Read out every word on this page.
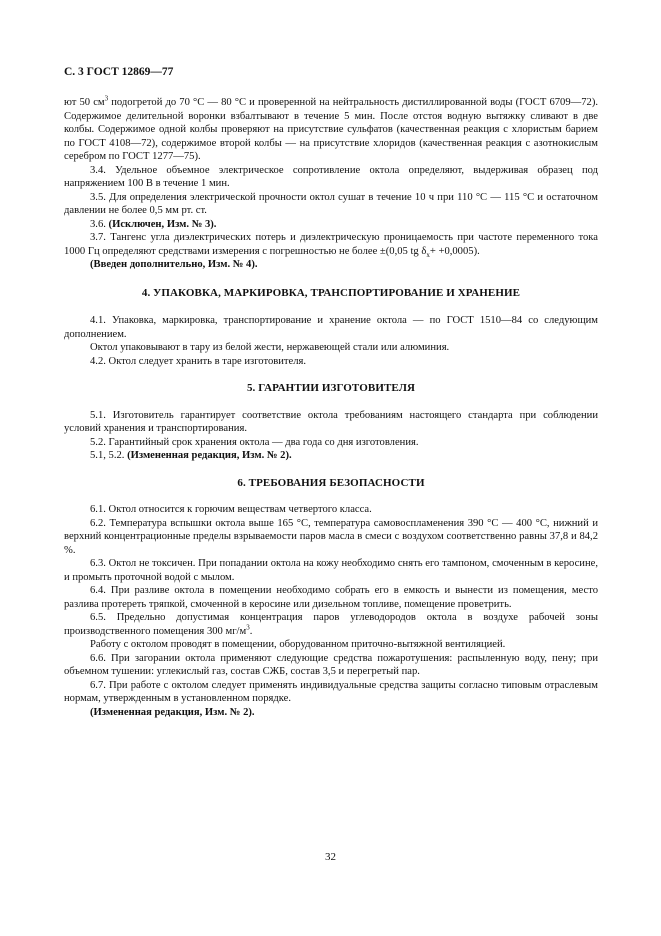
С. 3 ГОСТ 12869—77

ют 50 $см^3$ подогретой до 70 °С — 80 °С и проверенной на нейтральность дистиллированной воды (ГОСТ 6709—72). Содержимое делительной воронки взбалтывают в течение 5 мин. После отстоя водную вытяжку сливают в две колбы. Содержимое одной колбы проверяют на присутствие сульфатов (качественная реакция с хлористым барием по ГОСТ 4108—72), содержимое второй колбы — на присутствие хлоридов (качественная реакция с азотнокислым серебром по ГОСТ 1277—75).

3.4. Удельное объемное электрическое сопротивление октола определяют, выдерживая образец под напряжением 100 В в течение 1 мин.

3.5. Для определения электрической прочности октол сушат в течение 10 ч при 110 °С — 115 °С и остаточном давлении не более 0,5 мм рт. ст.

3.6. (Исключен, Изм. № 3).

3.7. Тангенс угла диэлектрических потерь и диэлектрическую проницаемость при частоте переменного тока 1000 Гц определяют средствами измерения с погрешностью не более ±(0,05 tg $\delta_х+ +0,0005$).

(Введен дополнительно, Изм. № 4).

4. УПАКОВКА, МАРКИРОВКА, ТРАНСПОРТИРОВАНИЕ И ХРАНЕНИЕ

4.1. Упаковка, маркировка, транспортирование и хранение октола — по ГОСТ 1510—84 со следующим дополнением.

Октол упаковывают в тару из белой жести, нержавеющей стали или алюминия.

4.2. Октол следует хранить в таре изготовителя.

5. ГАРАНТИИ ИЗГОТОВИТЕЛЯ

5.1. Изготовитель гарантирует соответствие октола требованиям настоящего стандарта при соблюдении условий хранения и транспортирования.

5.2. Гарантийный срок хранения октола — два года со дня изготовления.

5.1, 5.2. (Измененная редакция, Изм. № 2).

6. ТРЕБОВАНИЯ БЕЗОПАСНОСТИ

6.1. Октол относится к горючим веществам четвертого класса.

6.2. Температура вспышки октола выше 165 °С, температура самовоспламенения 390 °С — 400 °С, нижний и верхний концентрационные пределы взрываемости паров масла в смеси с воздухом соответственно равны 37,8 и 84,2 %.

6.3. Октол не токсичен. При попадании октола на кожу необходимо снять его тампоном, смоченным в керосине, и промыть проточной водой с мылом.

6.4. При разливе октола в помещении необходимо собрать его в емкость и вынести из помещения, место разлива протереть тряпкой, смоченной в керосине или дизельном топливе, помещение проветрить.

6.5. Предельно допустимая концентрация паров углеводородов октола в воздухе рабочей зоны производственного помещения 300 $мг/м^3$.

Работу с октолом проводят в помещении, оборудованном приточно-вытяжной вентиляцией.

6.6. При загорании октола применяют следующие средства пожаротушения: распыленную воду, пену; при объемном тушении: углекислый газ, состав СЖБ, состав 3,5 и перегретый пар.

6.7. При работе с октолом следует применять индивидуальные средства защиты согласно типовым отраслевым нормам, утвержденным в установленном порядке.

(Измененная редакция, Изм. № 2).

32
